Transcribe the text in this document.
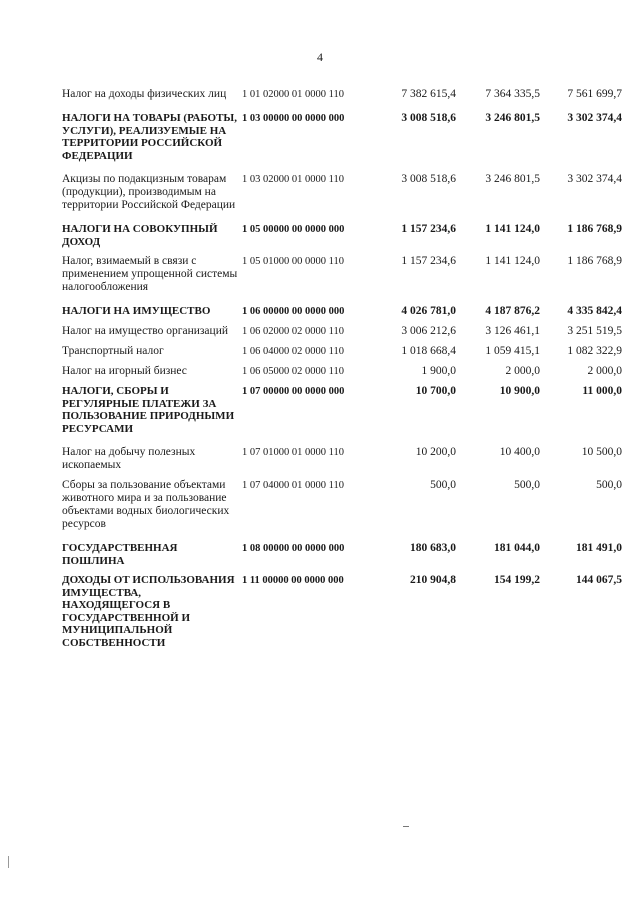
4
Налог на доходы физических лиц	1 01 02000 01 0000 110	7 382 615,4	7 364 335,5	7 561 699,7
НАЛОГИ НА ТОВАРЫ (РАБОТЫ, УСЛУГИ), РЕАЛИЗУЕМЫЕ НА ТЕРРИТОРИИ РОССИЙСКОЙ ФЕДЕРАЦИИ	1 03 00000 00 0000 000	3 008 518,6	3 246 801,5	3 302 374,4
Акцизы по подакцизным товарам (продукции), производимым на территории Российской Федерации	1 03 02000 01 0000 110	3 008 518,6	3 246 801,5	3 302 374,4
НАЛОГИ НА СОВОКУПНЫЙ ДОХОД	1 05 00000 00 0000 000	1 157 234,6	1 141 124,0	1 186 768,9
Налог, взимаемый в связи с применением упрощенной системы налогообложения	1 05 01000 00 0000 110	1 157 234,6	1 141 124,0	1 186 768,9
НАЛОГИ НА ИМУЩЕСТВО	1 06 00000 00 0000 000	4 026 781,0	4 187 876,2	4 335 842,4
Налог на имущество организаций	1 06 02000 02 0000 110	3 006 212,6	3 126 461,1	3 251 519,5
Транспортный налог	1 06 04000 02 0000 110	1 018 668,4	1 059 415,1	1 082 322,9
Налог на игорный бизнес	1 06 05000 02 0000 110	1 900,0	2 000,0	2 000,0
НАЛОГИ, СБОРЫ И РЕГУЛЯРНЫЕ ПЛАТЕЖИ ЗА ПОЛЬЗОВАНИЕ ПРИРОДНЫМИ РЕСУРСАМИ	1 07 00000 00 0000 000	10 700,0	10 900,0	11 000,0
Налог на добычу полезных ископаемых	1 07 01000 01 0000 110	10 200,0	10 400,0	10 500,0
Сборы за пользование объектами животного мира и за пользование объектами водных биологических ресурсов	1 07 04000 01 0000 110	500,0	500,0	500,0
ГОСУДАРСТВЕННАЯ ПОШЛИНА	1 08 00000 00 0000 000	180 683,0	181 044,0	181 491,0
ДОХОДЫ ОТ ИСПОЛЬЗОВАНИЯ ИМУЩЕСТВА, НАХОДЯЩЕГОСЯ В ГОСУДАРСТВЕННОЙ И МУНИЦИПАЛЬНОЙ СОБСТВЕННОСТИ	1 11 00000 00 0000 000	210 904,8	154 199,2	144 067,5
